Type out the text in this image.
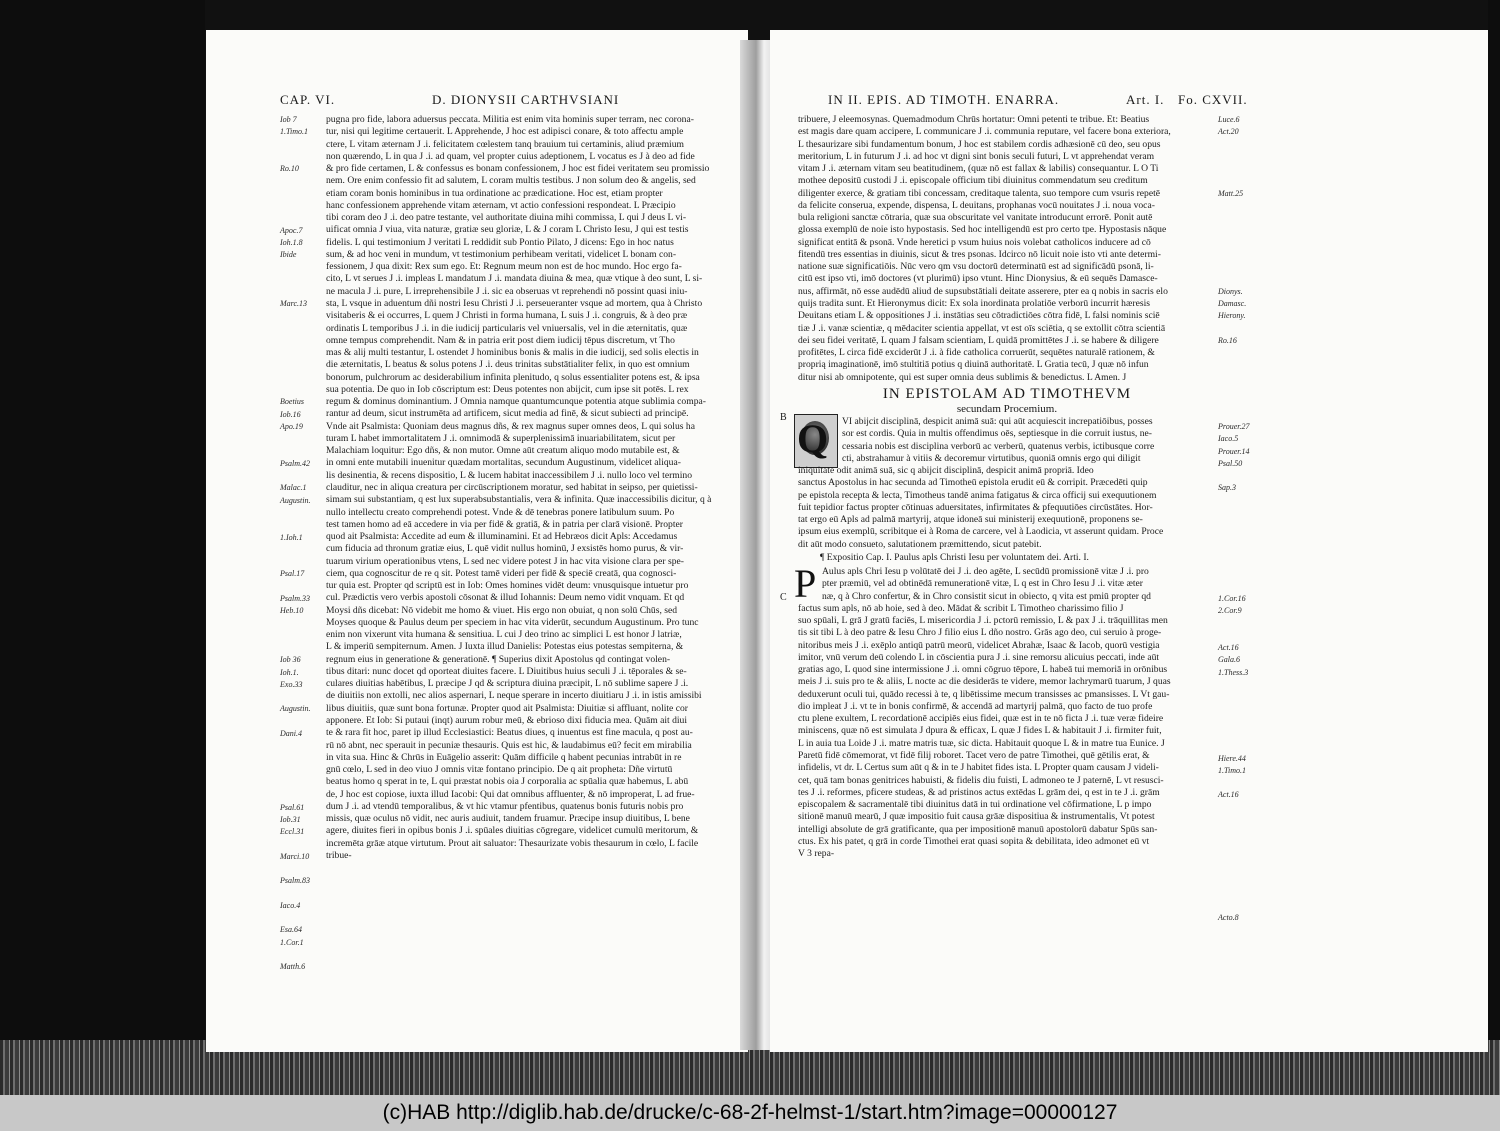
CAP. VI.	D. DIONYSII CARTHVSIANI
Iob 7
1.Timo.1
Ro.10
Apoc.7
Ioh.1.8
Ibide
Marc.13
Boetius
Iob.16
Apo.19
Psalm.42
Malac.1
Augustin.
1.Ioh.1
Psal.17
Psalm.33
Heb.10
Iob 36
Ioh.1.
Exo.33
Augustin.
Dani.4
Psal.61
Iob.31
Eccl.31
Marci.10
Psalm.83
Iaco.4
Esa.64
1.Cor.1
Matth.6
pugna pro fide, labora aduersus peccata. Militia est enim vita hominis super terram, nec corona-
tur, nisi qui legitime certauerit. L Apprehende, J hoc est adipisci conare, & toto affectu ample
ctere, L vitam æternam J .i. felicitatem cœlestem tanq brauium tui certaminis, aliud præmium
non quærendo, L in qua J .i. ad quam, vel propter cuius adeptionem, L vocatus es J à deo ad fide
& pro fide certamen, L & confessus es bonam confessionem, J hoc est fidei veritatem seu promissio
nem. Ore enim confessio fit ad salutem, L coram multis testibus. J non solum deo & angelis, sed
etiam coram bonis hominibus in tua ordinatione ac prædicatione. Hoc est, etiam propter
hanc confessionem apprehende vitam æternam, vt actio confessioni respondeat. L Præcipio
tibi coram deo J .i. deo patre testante, vel authoritate diuina mihi commissa, L qui J deus L vi-
uificat omnia J viua, vita naturæ, gratiæ seu gloriæ, L & J coram L Christo Iesu, J qui est testis
fidelis. L qui testimonium J veritati L reddidit sub Pontio Pilato, J dicens: Ego in hoc natus
sum, & ad hoc veni in mundum, vt testimonium perhibeam veritati, videlicet L bonam con-
fessionem, J qua dixit: Rex sum ego. Et: Regnum meum non est de hoc mundo. Hoc ergo fa-
cito, L vt serues J .i. impleas L mandatum J .i. mandata diuina & mea, quæ vtique à deo sunt, L si-
ne macula J .i. pure, L irreprehensibile J .i. sic ea obseruas vt reprehendi nō possint quasi iniu-
sta, L vsque in aduentum dñi nostri Iesu Christi J .i. perseueranter vsque ad mortem, qua à Christo
visitaberis & ei occurres, L quem J Christi in forma humana, L suis J .i. congruis, & à deo præ
ordinatis L temporibus J .i. in die iudicij particularis vel vniuersalis, vel in die æternitatis, quæ
omne tempus comprehendit. Nam & in patria erit post diem iudicij tēpus discretum, vt Tho
mas & alij multi testantur, L ostendet J hominibus bonis & malis in die iudicij, sed solis electis in
die æternitatis, L beatus & solus potens J .i. deus trinitas substātialiter felix, in quo est omnium
bonorum, pulchrorum ac desiderabilium infinita plenitudo, q solus essentialiter potens est, & ipsa
sua potentia. De quo in Iob cōscriptum est: Deus potentes non abijcit, cum ipse sit potēs. L rex
regum & dominus dominantium. J Omnia namque quantumcunque potentia atque sublimia compa-
rantur ad deum, sicut instrumēta ad artificem, sicut media ad finē, & sicut subiecti ad principē.
Vnde ait Psalmista: Quoniam deus magnus dñs, & rex magnus super omnes deos, L qui solus ha
turam L habet immortalitatem J .i. omnimodā & superplenissimā inuariabilitatem, sicut per
Malachiam loquitur: Ego dñs, & non mutor. Omne aūt creatum aliquo modo mutabile est, &
in omni ente mutabili inuenitur quædam mortalitas, secundum Augustinum, videlicet aliqua-
lis desinentia, & recens dispositio, L & lucem habitat inaccessibilem J .i. nullo loco vel termino
clauditur, nec in aliqua creatura per circūscriptionem moratur, sed habitat in seipso, per quietissi-
simam sui substantiam, q est lux superabsubstantialis, vera & infinita. Quæ inaccessibilis dicitur, q à
nullo intellectu creato comprehendi potest. Vnde & dē tenebras ponere latibulum suum. Po
test tamen homo ad eā accedere in via per fidē & gratiā, & in patria per clarā visionē. Propter
quod ait Psalmista: Accedite ad eum & illuminamini. Et ad Hebræos dicit Apls: Accedamus
cum fiducia ad thronum gratiæ eius, L quē vidit nullus hominū, J exsistēs homo purus, & vir-
tuarum virium operationibus vtens, L sed nec videre potest J in hac vita visione clara per spe-
ciem, qua cognoscitur de re q sit. Potest tamē videri per fidē & speciē creatā, qua cognosci-
tur quia est. Propter qd scriptū est in Iob: Omes homines vidēt deum: vnusquisque intuetur pro
cul. Prædictis vero verbis apostoli cōsonat & illud Iohannis: Deum nemo vidit vnquam. Et qd
Moysi dñs dicebat: Nō videbit me homo & viuet. His ergo non obuiat, q non solū Chūs, sed
Moyses quoque & Paulus deum per speciem in hac vita viderūt, secundum Augustinum. Pro tunc
enim non vixerunt vita humana & sensitiua. L cui J deo trino ac simplici L est honor J latriæ,
L & imperiū sempiternum. Amen. J Iuxta illud Danielis: Potestas eius potestas sempiterna, &
regnum eius in generatione & generationē. ¶ Superius dixit Apostolus qd contingat volen-
tibus ditari: nunc docet qd oporteat diuites facere. L Diuitibus huius seculi J .i. tēporales & se-
culares diuitias habētibus, L præcipe J qd & scriptura diuina præcipit, L nō sublime sapere J .i.
de diuitiis non extolli, nec alios aspernari, L neque sperare in incerto diuitiaru J .i. in istis amissibi
libus diuitiis, quæ sunt bona fortunæ. Propter quod ait Psalmista: Diuitiæ si affluant, nolite cor
apponere. Et Iob: Si putaui (inqt) aurum robur meū, & ebrioso dixi fiducia mea. Quām ait diui
te & rara fit hoc, paret ip illud Ecclesiastici: Beatus diues, q inuentus est fine macula, q post au-
rū nō abnt, nec sperauit in pecuniæ thesauris. Quis est hic, & laudabimus eū? fecit em mirabilia
in vita sua. Hinc & Chrūs in Euāgelio asserit: Quām difficile q habent pecunias intrabūt in re
gnū cœlo, L sed in deo viuo J omnis vitæ fontano principio. De q ait propheta: Dñe virtutū
beatus homo q sperat in te, L qui præstat nobis oia J corporalia ac spūalia quæ habemus, L abū
de, J hoc est copiose, iuxta illud Iacobi: Qui dat omnibus affluenter, & nō improperat, L ad frue-
dum J .i. ad vtendū temporalibus, & vt hic vtamur pfentibus, quatenus bonis futuris nobis pro
missis, quæ oculus nō vidit, nec auris audiuit, tandem fruamur. Præcipe insup diuitibus, L bene
agere, diuites fieri in opibus bonis J .i. spūales diuitias cōgregare, videlicet cumulū meritorum, &
incremēta grāæ atque virtutum. Prout ait saluator: Thesaurizate vobis thesaurum in cœlo, L facile
tribue-
IN II. EPIS. AD TIMOTH. ENARRA.	Art. I. Fo. CXVII.
tribuere, J eleemosynas. Quemadmodum Chrūs hortatur: Omni petenti te tribue. Et: Beatius
est magis dare quam accipere, L communicare J .i. communia reputare, vel facere bona exteriora,
L thesaurizare sibi fundamentum bonum, J hoc est stabilem cordis adhæsionē cū deo, seu opus
meritorium, L in futurum J .i. ad hoc vt digni sint bonis seculi futuri, L vt apprehendat veram
vitam J .i. æternam vitam seu beatitudinem, (quæ nō est fallax & labilis) consequantur. L O Ti
mothee depositū custodi J .i. episcopale officium tibi diuinitus commendatum seu creditum
diligenter exerce, & gratiam tibi concessam, creditaque talenta, suo tempore cum vsuris repetē
da felicite conserua, expende, dispensa, L deuitans, prophanas vocū nouitates J .i. noua voca-
bula religioni sanctæ cōtraria, quæ sua obscuritate vel vanitate introducunt errorē. Ponit autē
glossa exemplū de noie isto hypostasis. Sed hoc intelligendū est pro certo tpe. Hypostasis nāque
significat entitā & psonā. Vnde heretici p vsum huius nois volebat catholicos inducere ad cō
fitendū tres essentias in diuinis, sicut & tres psonas. Idcirco nō licuit noie isto vti ante determi-
natione suæ significatiōis. Nūc vero qm vsu doctorū determinatū est ad significādū psonā, li-
citū est ipso vti, imō doctores (vt plurimū) ipso vtunt. Hinc Dionysius, & eū sequēs Damasce-
nus, affirmāt, nō esse audēdū aliud de supsubstātiali deitate asserere, pter ea q nobis in sacris elo
quijs tradita sunt. Et Hieronymus dicit: Ex sola inordinata prolatiōe verborū incurrit hæresis
Deuitans etiam L & oppositiones J .i. instātias seu cōtradictiōes cōtra fidē, L falsi nominis sciē
tiæ J .i. vanæ scientiæ, q mēdaciter scientia appellat, vt est oīs sciētia, q se extollit cōtra scientiā
dei seu fidei veritatē, L quam J falsam scientiam, L quidā promittētes J .i. se habere & diligere
profitētes, L circa fidē exciderūt J .i. à fide catholica corruerūt, sequētes naturalē rationem, &
proprią imaginationē, imō stultitiā potius q diuinā authoritatē. L Gratia tecū, J quæ nō infun
ditur nisi ab omnipotente, qui est super omnia deus sublimis & benedictus. L Amen. J
IN EPISTOLAM AD TIMOTHEVM
secundam Procemium.
B Q	VI abijcit disciplinā, despicit animā suā: qui aūt acquiescit increpatiōibus, posses
sor est cordis. Quia in multis offendimus oēs, septiesque in die corruit iustus, ne-
cessaria nobis est disciplina verborū ac verberū, quatenus verbis, ictibusque corre
cti, abstrahamur à vitiis & decoremur virtutibus, quoniā omnis ergo qui diligit
iniquitatē odit animā suā, sic q abijcit disciplinā, despicit animā propriā. Ideo
sanctus Apostolus in hac secunda ad Timotheū epistola erudit eū & corripit. Præcedēti quip
pe epistola recepta & lecta, Timotheus tandē anima fatigatus & circa officij sui exequutionem
fuit tepidior factus propter cōtinuas aduersitates, infirmitates & pfequutiōes circūstātes. Hor-
tat ergo eū Apls ad palmā martyrij, atque idoneā sui ministerij exequutionē, proponens se-
ipsum eius exemplū, scribitque ei à Roma de carcere, vel à Laodicia, vt asserunt quidam. Proce
dit aūt modo consueto, salutationem præmittendo, sicut patebit.
¶ Expositio Cap. I. Paulus apls Christi Iesu per voluntatem dei. Arti. I.
C P Aulus apls Chri Iesu p volūtatē dei J .i. deo agēte, L secūdū promissionē vitæ J .i. pro
pter præmiū, vel ad obtinēdā remunerationē vitæ, L q est in Chro Iesu J .i. vitæ æter
næ, q à Chro confertur, & in Chro consistit sicut in obiecto, q vita est pmiū propter qd
factus sum apls, nō ab hoie, sed à deo. Mādat & scribit L Timotheo charissimo filio J
suo spūali, L grā J gratū faciēs, L misericordia J .i. pctorū remissio, L & pax J .i. trāquillitas men
tis sit tibi L à deo patre & Iesu Chro J filio eius L dño nostro. Grās ago deo, cui seruio à proge-
nitoribus meis J .i. exēplo antiqū patrū meorū, videlicet Abrahæ, Isaac & Iacob, quorū vestigia
imitor, vnū verum deū colendo L in cōscientia pura J .i. sine remorsu alicuius peccati, inde aūt
gratias ago, L quod sine intermissione J .i. omni cōgruo tēpore, L habeā tui memoriā in orōnibus
meis J .i. suis pro te & aliis, L nocte ac die desiderās te videre, memor lachrymarū tuarum, J quas
deduxerunt oculi tui, quādo recessi à te, q libētissime mecum transisses ac pmansisses. L Vt gau-
dio impleat J .i. vt te in bonis confirmē, & accendā ad martyrij palmā, quo facto de tuo profe
ctu plene exultem, L recordationē accipiēs eius fidei, quæ est in te nō ficta J .i. tuæ veræ fideire
miniscens, quæ nō est simulata J dpura & efficax, L quæ J fides L & habitauit J .i. firmiter fuit,
L in auia tua Loide J .i. matre matris tuæ, sic dicta. Habitauit quoque L & in matre tua Eunice. J
Paretū fidē cōmemorat, vt fidē filij roboret. Tacet vero de patre Timothei, quē gētilis erat, &
infidelis, vt dr. L Certus sum aūt q & in te J habitet fides ista. L Propter quam causam J videli-
cet, quā tam bonas genitrices habuisti, & fidelis diu fuisti, L admoneo te J paternē, L vt resusci-
tes J .i. reformes, pficere studeas, & ad pristinos actus extēdas L grām dei, q est in te J .i. grām
episcopalem & sacramentalē tibi diuinitus datā in tui ordinatione vel cōfirmatione, L p impo
sitionē manuū mearū, J quæ impositio fuit causa grāæ dispositiua & instrumentalis, Vt potest
intelligi absolute de grā gratificante, qua per impositionē manuū apostolorū dabatur Spūs san-
ctus. Ex his patet, q grā in corde Timothei erat quasi sopita & debilitata, ideo admonet eū vt
V 3 repa-
Luce.6
Act.20
Matt.25
Dionys.
Damasc.
Hierony.
Ro.16
Prouer.27
Iaco.5
Prouer.14
Psal.50
Sap.3
1.Cor.16
2.Cor.9
Act.16
Gala.6
1.Thess.3
Hiere.44
1.Timo.1
Act.16
Acto.8
(c)HAB http://diglib.hab.de/drucke/c-68-2f-helmst-1/start.htm?image=00000127
